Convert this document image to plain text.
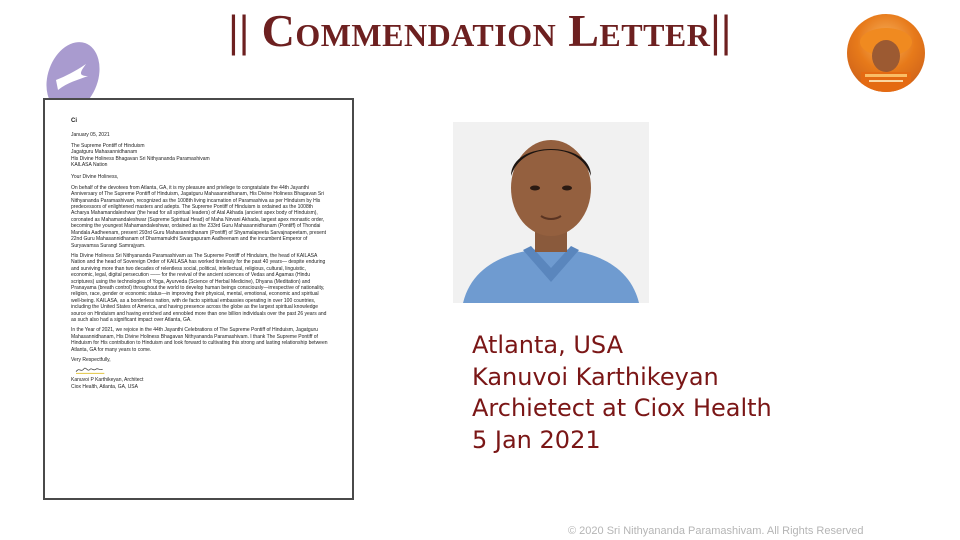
|| Commendation Letter||

Ci

January 05, 2021

The Supreme Pontiff of Hinduism
Jagatguru Mahasannidhanam
His Divine Holiness Bhagavan Sri Nithyananda Paramashivam
KAILASA Nation

Your Divine Holiness,

On behalf of the devotees from Atlanta, GA, it is my pleasure and privilege to congratulate the 44th Jayanthi Anniversary of The Supreme Pontiff of Hinduism, Jagatguru Mahasannidhanam, His Divine Holiness Bhagavan Sri Nithyananda Paramashivam, recognized as the 1008th living incarnation of Paramashiva as per Hinduism by His predecessors of enlightened masters and adepts. The Supreme Pontiff of Hinduism is ordained as the 1008th Acharya Mahamandaleshwar (the head for all spiritual leaders) of Atal Akhada (ancient apex body of Hinduism), coronated as Mahamandaleshwar (Supreme Spiritual Head) of Maha Nirvani Akhada, largest apex monastic order, becoming the youngest Mahamandaleshwar, ordained as the 233rd Guru Mahasannidhanam (Pontiff) of Thondai Mandala Aadheenam, present 293rd Guru Mahasannidhanam (Pontiff) of Shyamalapeeta Sarvajnapeetam, present 22nd Guru Mahasannidhanam of Dharmamukthi Swargapuram Aadheenam and the incumbent Emperor of Suryavamsa Surangi Samrajyam.

His Divine Holiness Sri Nithyananda Paramashivam as The Supreme Pontiff of Hinduism, the head of KAILASA Nation and the head of Sovereign Order of KAILASA has worked tirelessly for the past 40 years— despite enduring and surviving more than two decades of relentless social, political, intellectual, religious, cultural, linguistic, economic, legal, digital persecution —— for the revival of the ancient sciences of Vedas and Agamas (Hindu scriptures) using the technologies of Yoga, Ayurveda (Science of Herbal Medicine), Dhyana (Meditation) and Pranayama (breath control) throughout the world to develop human beings consciously—irrespective of nationality, religion, race, gender or economic status—in improving their physical, mental, emotional, economic and spiritual well-being. KAILASA, as a borderless nation, with de facto spiritual embassies operating in over 100 countries, including the United States of America, and having presence across the globe as the largest spiritual knowledge source on Hinduism and having enriched and ennobled more than one billion individuals over the past 26 years and as such also had a significant impact over Atlanta, GA.

In the Year of 2021, we rejoice in the 44th Jayanthi Celebrations of The Supreme Pontiff of Hinduism, Jagatguru Mahasannidhanam, His Divine Holiness Bhagavan Nithyananda Paramashivam. I thank The Supreme Pontiff of Hinduism for His contribution to Hinduism and look forward to cultivating this strong and lasting relationship between Atlanta, GA for many years to come.

Very Respectfully,

Kanuvoi P Karthikeyan, Architect
Ciox Health, Atlanta, GA, USA

Atlanta, USA
Kanuvoi Karthikeyan
Archietect at Ciox Health
5 Jan 2021
© 2020 Sri Nithyananda Paramashivam. All Rights Reserved
